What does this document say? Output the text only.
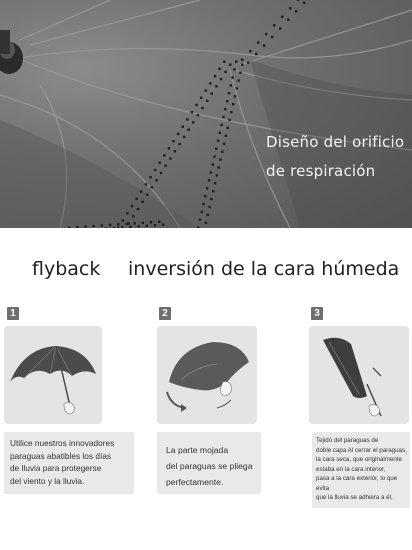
Diseño del orificio
de respiración
flyback inversión de la cara húmeda
1

Utilice nuestros innovadores
paraguas abatibles los días
de lluvia para protegerse
del viento y la lluvia.

2

La parte mojada
del paraguas se pliega
perfectamente.

3

Tejido del paraguas de
doble capa Al cerrar el paraguas,
la cara seca, que originalmente
estaba en la cara interior,
pasa a la cara exterior, lo que evita
que la lluvia se adhiera a él.
